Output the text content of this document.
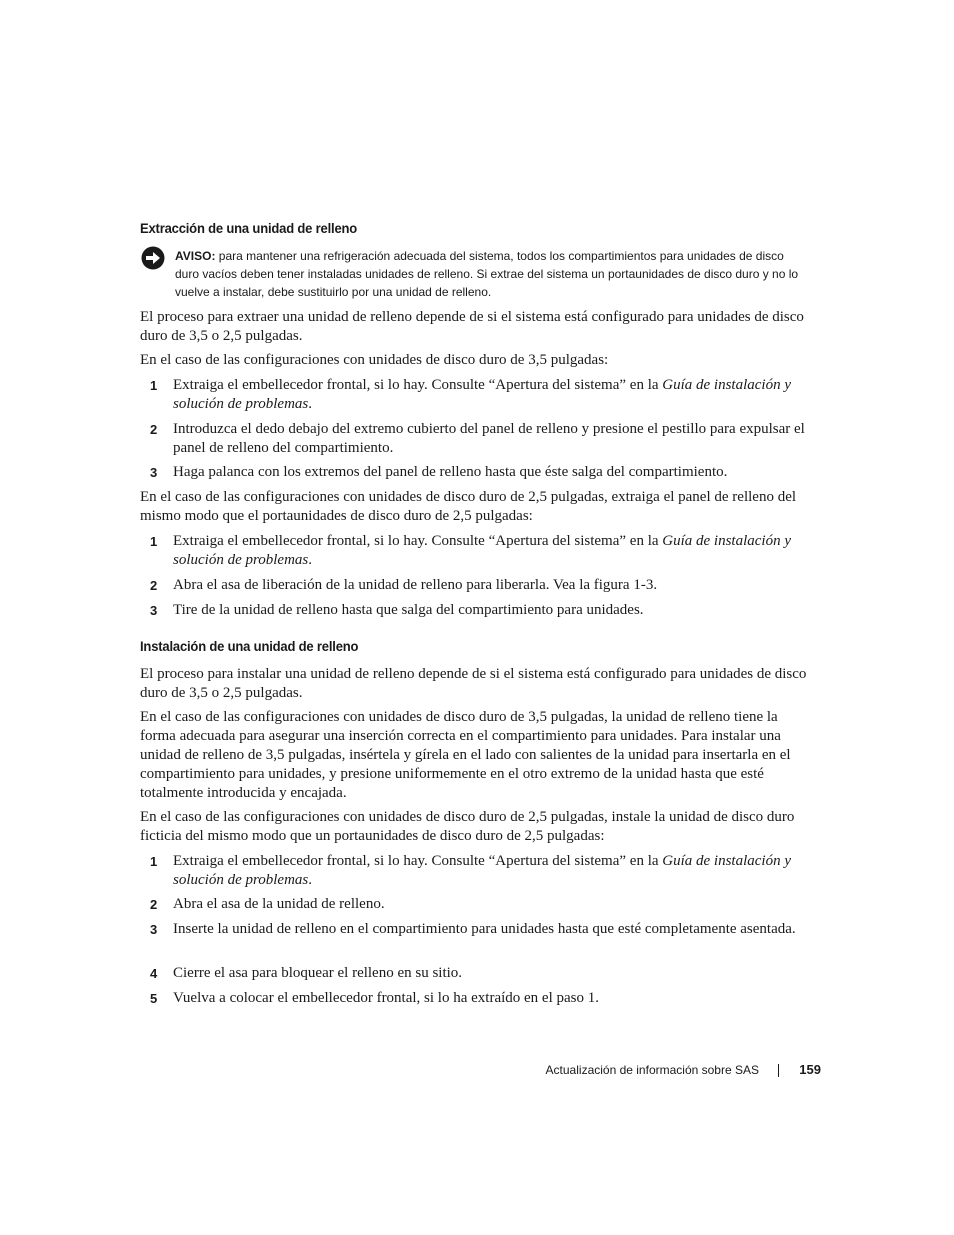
Extracción de una unidad de relleno
AVISO: para mantener una refrigeración adecuada del sistema, todos los compartimientos para unidades de disco duro vacíos deben tener instaladas unidades de relleno. Si extrae del sistema un portaunidades de disco duro y no lo vuelve a instalar, debe sustituirlo por una unidad de relleno.

El proceso para extraer una unidad de relleno depende de si el sistema está configurado para unidades de disco duro de 3,5 o 2,5 pulgadas.

En el caso de las configuraciones con unidades de disco duro de 3,5 pulgadas:

1	Extraiga el embellecedor frontal, si lo hay. Consulte “Apertura del sistema” en la Guía de instalación y solución de problemas.
2	Introduzca el dedo debajo del extremo cubierto del panel de relleno y presione el pestillo para expulsar el panel de relleno del compartimiento.
3	Haga palanca con los extremos del panel de relleno hasta que éste salga del compartimiento.

En el caso de las configuraciones con unidades de disco duro de 2,5 pulgadas, extraiga el panel de relleno del mismo modo que el portaunidades de disco duro de 2,5 pulgadas:

1	Extraiga el embellecedor frontal, si lo hay. Consulte “Apertura del sistema” en la Guía de instalación y solución de problemas.
2	Abra el asa de liberación de la unidad de relleno para liberarla. Vea la figura 1-3.
3	Tire de la unidad de relleno hasta que salga del compartimiento para unidades.
Instalación de una unidad de relleno

El proceso para instalar una unidad de relleno depende de si el sistema está configurado para unidades de disco duro de 3,5 o 2,5 pulgadas.

En el caso de las configuraciones con unidades de disco duro de 3,5 pulgadas, la unidad de relleno tiene la forma adecuada para asegurar una inserción correcta en el compartimiento para unidades. Para instalar una unidad de relleno de 3,5 pulgadas, insértela y gírela en el lado con salientes de la unidad para insertarla en el compartimiento para unidades, y presione uniformemente en el otro extremo de la unidad hasta que esté totalmente introducida y encajada.

En el caso de las configuraciones con unidades de disco duro de 2,5 pulgadas, instale la unidad de disco duro ficticia del mismo modo que un portaunidades de disco duro de 2,5 pulgadas:

1	Extraiga el embellecedor frontal, si lo hay. Consulte “Apertura del sistema” en la Guía de instalación y solución de problemas.
2	Abra el asa de la unidad de relleno.
3	Inserte la unidad de relleno en el compartimiento para unidades hasta que esté completamente asentada.
4	Cierre el asa para bloquear el relleno en su sitio.
5	Vuelva a colocar el embellecedor frontal, si lo ha extraído en el paso 1.
Actualización de información sobre SAS	159
